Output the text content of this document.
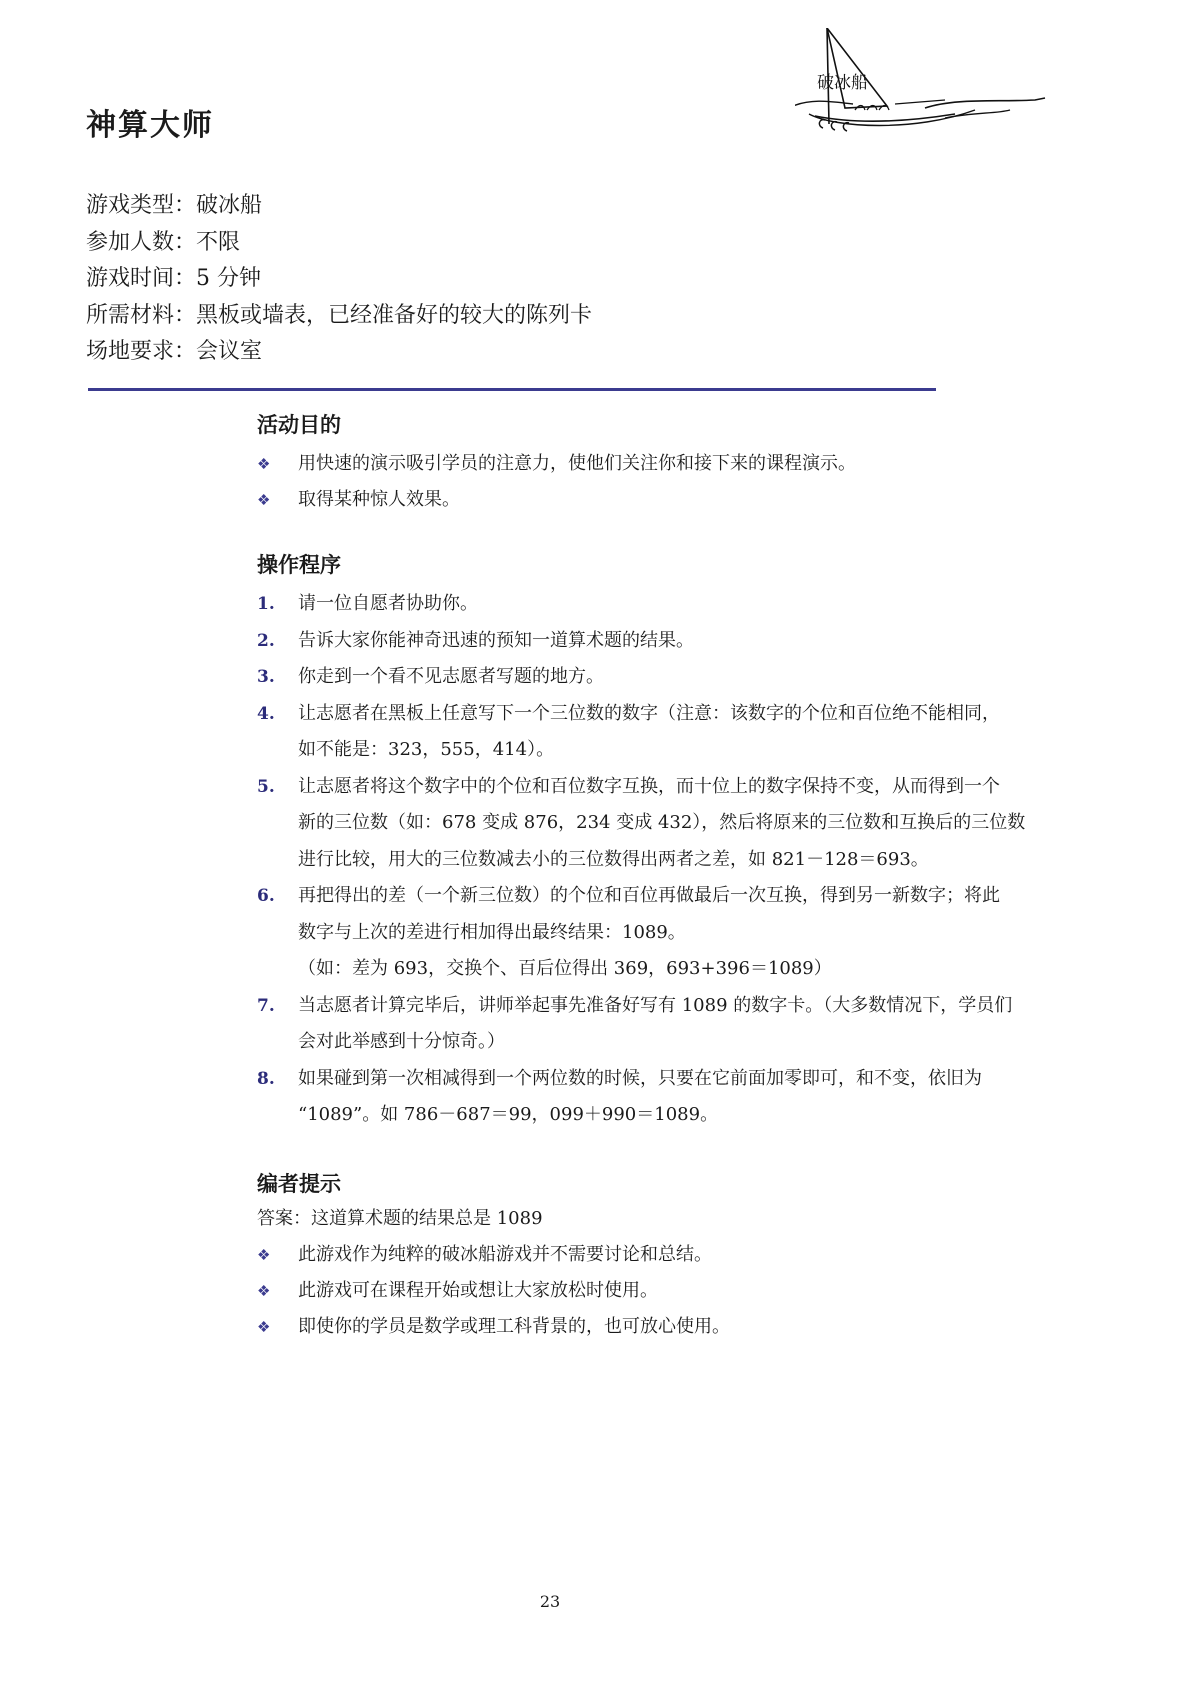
神算大师
破冰船
游戏类型：破冰船
参加人数：不限
游戏时间：5 分钟
所需材料：黑板或墙表，已经准备好的较大的陈列卡
场地要求：会议室
活动目的
❖ 用快速的演示吸引学员的注意力，使他们关注你和接下来的课程演示。
❖ 取得某种惊人效果。
操作程序
1. 请一位自愿者协助你。
2. 告诉大家你能神奇迅速的预知一道算术题的结果。
3. 你走到一个看不见志愿者写题的地方。
4. 让志愿者在黑板上任意写下一个三位数的数字（注意：该数字的个位和百位绝不能相同，
如不能是：323，555，414）。
5. 让志愿者将这个数字中的个位和百位数字互换，而十位上的数字保持不变，从而得到一个
新的三位数（如：678 变成 876，234 变成 432），然后将原来的三位数和互换后的三位数
进行比较，用大的三位数减去小的三位数得出两者之差，如 821－128＝693。
6. 再把得出的差（一个新三位数）的个位和百位再做最后一次互换，得到另一新数字；将此
数字与上次的差进行相加得出最终结果：1089。
（如：差为 693，交换个、百后位得出 369，693+396＝1089）
7. 当志愿者计算完毕后，讲师举起事先准备好写有 1089 的数字卡。（大多数情况下，学员们
会对此举感到十分惊奇。）
8. 如果碰到第一次相减得到一个两位数的时候，只要在它前面加零即可，和不变，依旧为
“1089”。如 786－687＝99，099＋990＝1089。
编者提示

答案：这道算术题的结果总是 1089

❖ 此游戏作为纯粹的破冰船游戏并不需要讨论和总结。
❖ 此游戏可在课程开始或想让大家放松时使用。
❖ 即使你的学员是数学或理工科背景的，也可放心使用。
23
